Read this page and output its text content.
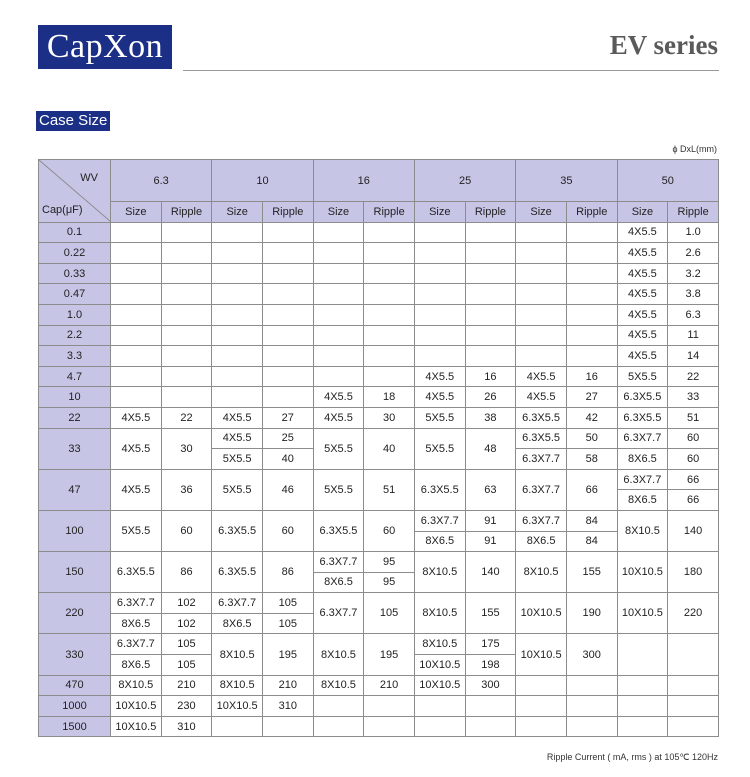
CapXon	EV series
Case Size
ϕ DxL(mm)
WV
Cap(μF)	6.3		10		16		25		35		50	
	Size	Ripple	Size	Ripple	Size	Ripple	Size	Ripple	Size	Ripple	Size	Ripple
0.1											4X5.5	1.0
0.22											4X5.5	2.6
0.33											4X5.5	3.2
0.47											4X5.5	3.8
1.0											4X5.5	6.3
2.2											4X5.5	11
3.3											4X5.5	14
4.7							4X5.5	16	4X5.5	16	5X5.5	22
10					4X5.5	18	4X5.5	26	4X5.5	27	6.3X5.5	33
22	4X5.5	22	4X5.5	27	4X5.5	30	5X5.5	38	6.3X5.5	42	6.3X5.5	51
33	4X5.5	30	4X5.5	25	5X5.5	40	5X5.5	48	6.3X5.5	50	6.3X7.7	60
			5X5.5	40					6.3X7.7	58	8X6.5	60
47	4X5.5	36	5X5.5	46	5X5.5	51	6.3X5.5	63	6.3X7.7	66	6.3X7.7	66
											8X6.5	66
100	5X5.5	60	6.3X5.5	60	6.3X5.5	60	6.3X7.7	91	6.3X7.7	84	8X10.5	140
							8X6.5	91	8X6.5	84		
150	6.3X5.5	86	6.3X5.5	86	6.3X7.7	95	8X10.5	140	8X10.5	155	10X10.5	180
					8X6.5	95						
220	6.3X7.7	102	6.3X7.7	105	6.3X7.7	105	8X10.5	155	10X10.5	190	10X10.5	220
	8X6.5	102	8X6.5	105								
330	6.3X7.7	105	8X10.5	195	8X10.5	195	8X10.5	175	10X10.5	300		
	8X6.5	105					10X10.5	198				
470	8X10.5	210	8X10.5	210	8X10.5	210	10X10.5	300				
1000	10X10.5	230	10X10.5	310								
1500	10X10.5	310										
Ripple Current ( mA, rms ) at 105℃ 120Hz
